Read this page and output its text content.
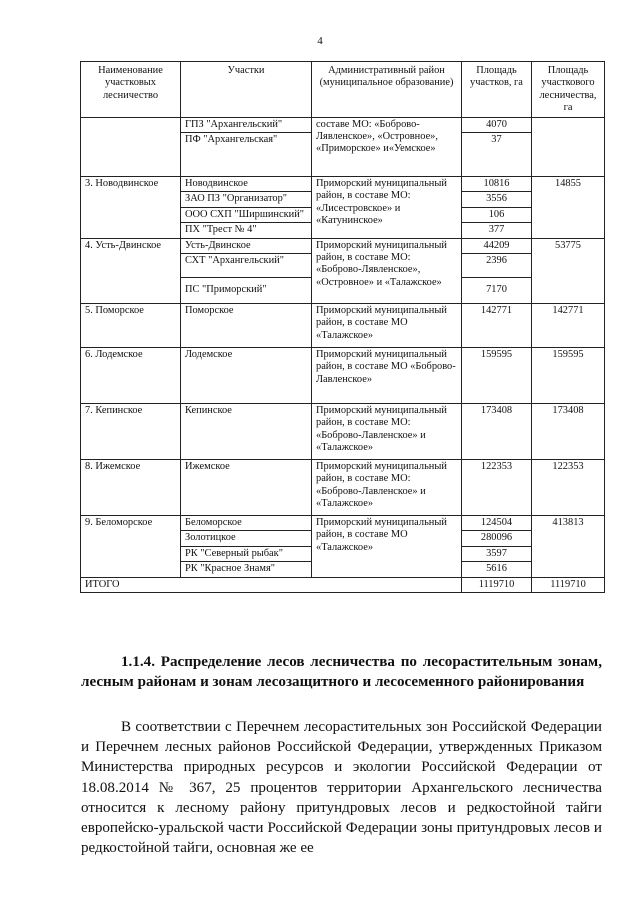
4
Наименование участковых лесничество	Участки	Административный район (муниципальное образование)	Площадь участков, га	Площадь участкового лесничества, га
	ГПЗ "Архангельский"	составе МО: «Боброво-Лявленское», «Островное», «Приморское» и«Уемское»	4070	
	ПФ "Архангельская"		37	
3. Новодвинское	Новодвинское	Приморский муниципальный район, в составе МО: «Лисестровское» и «Катунинское»	10816	14855
	ЗАО ПЗ "Организатор"		3556	
	ООО СХП "Ширшинский"		106	
	ПХ "Трест № 4"		377	
4. Усть-Двинское	Усть-Двинское	Приморский муниципальный район, в составе МО: «Боброво-Лявленское», «Островное» и «Талажское»	44209	53775
	СХТ "Архангельский"		2396	
	ПС "Приморский"		7170	
5. Поморское	Поморское	Приморский муниципальный район, в составе МО «Талажское»	142771	142771
6. Лодемское	Лодемское	Приморский муниципальный район, в составе МО «Боброво-Лавленское»	159595	159595
7. Кепинское	Кепинское	Приморский муниципальный район, в составе МО: «Боброво-Лавленское» и «Талажское»	173408	173408
8. Ижемское	Ижемское	Приморский муниципальный район, в составе МО: «Боброво-Лавленское» и «Талажское»	122353	122353
9. Беломорское	Беломорское	Приморский муниципальный район, в составе МО «Талажское»	124504	413813
	Золотицкое		280096	
	РК "Северный рыбак"		3597	
	РК "Красное Знамя"		5616	
ИТОГО			1119710	1119710
1.1.4. Распределение лесов лесничества по лесорастительным зонам, лесным районам и зонам лесозащитного и лесосеменного районирования
В соответствии с Перечнем лесорастительных зон Российской Федерации и Перечнем лесных районов Российской Федерации, утвержденных Приказом Министерства природных ресурсов и экологии Российской Федерации от 18.08.2014 № 367, 25 процентов территории Архангельского лесничества относится к лесному району притундровых лесов и редкостойной тайги европейско-уральской части Российской Федерации зоны притундровых лесов и редкостойной тайги, основная же ее
